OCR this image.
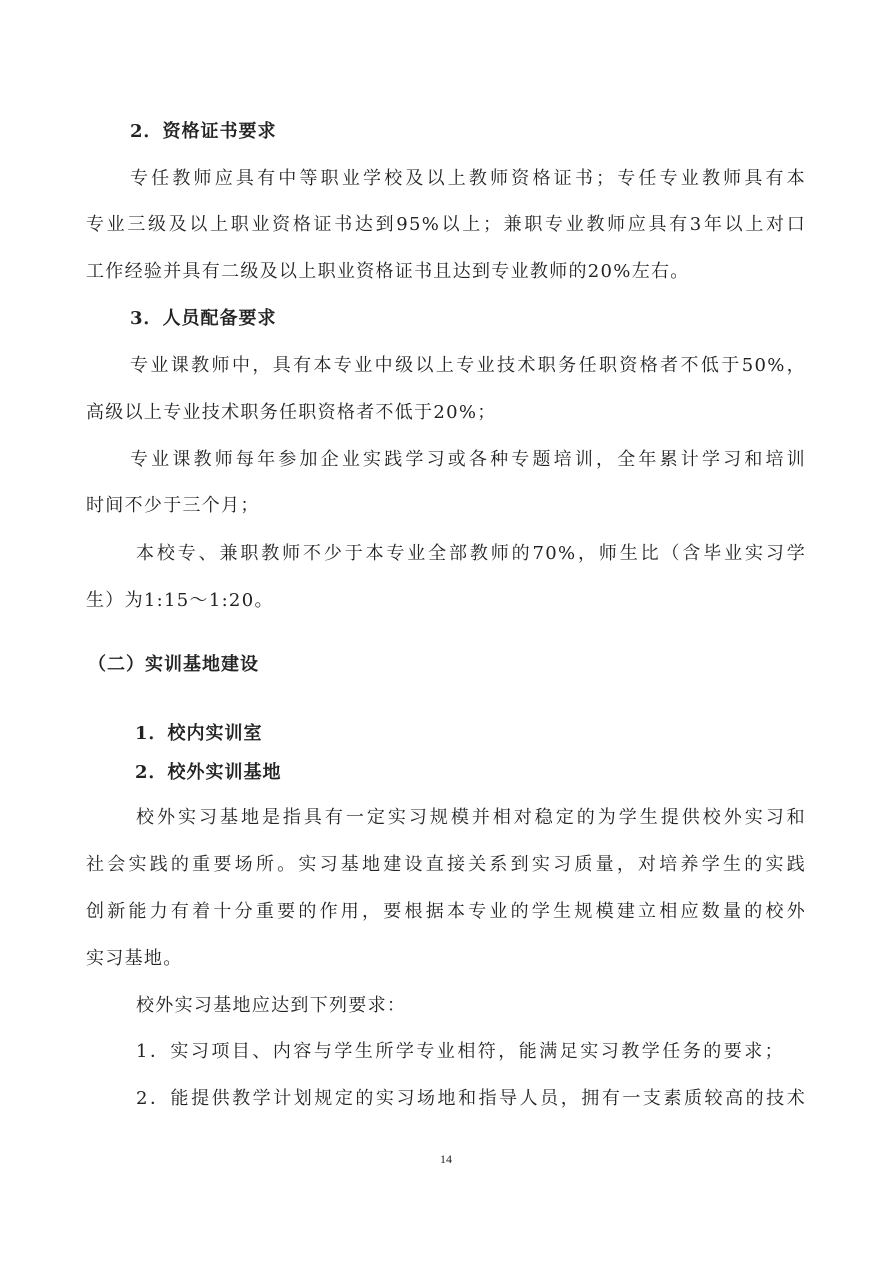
2．资格证书要求
专任教师应具有中等职业学校及以上教师资格证书；专任专业教师具有本
专业三级及以上职业资格证书达到95%以上；兼职专业教师应具有3年以上对口
工作经验并具有二级及以上职业资格证书且达到专业教师的20%左右。
3．人员配备要求
专业课教师中，具有本专业中级以上专业技术职务任职资格者不低于50%，
高级以上专业技术职务任职资格者不低于20%；
专业课教师每年参加企业实践学习或各种专题培训，全年累计学习和培训
时间不少于三个月；
本校专、兼职教师不少于本专业全部教师的70%，师生比（含毕业实习学
生）为1:15～1:20。
（二）实训基地建设
1．校内实训室
2．校外实训基地
校外实习基地是指具有一定实习规模并相对稳定的为学生提供校外实习和
社会实践的重要场所。实习基地建设直接关系到实习质量，对培养学生的实践
创新能力有着十分重要的作用，要根据本专业的学生规模建立相应数量的校外
实习基地。
校外实习基地应达到下列要求：
1．实习项目、内容与学生所学专业相符，能满足实习教学任务的要求；
2．能提供教学计划规定的实习场地和指导人员，拥有一支素质较高的技术
14
